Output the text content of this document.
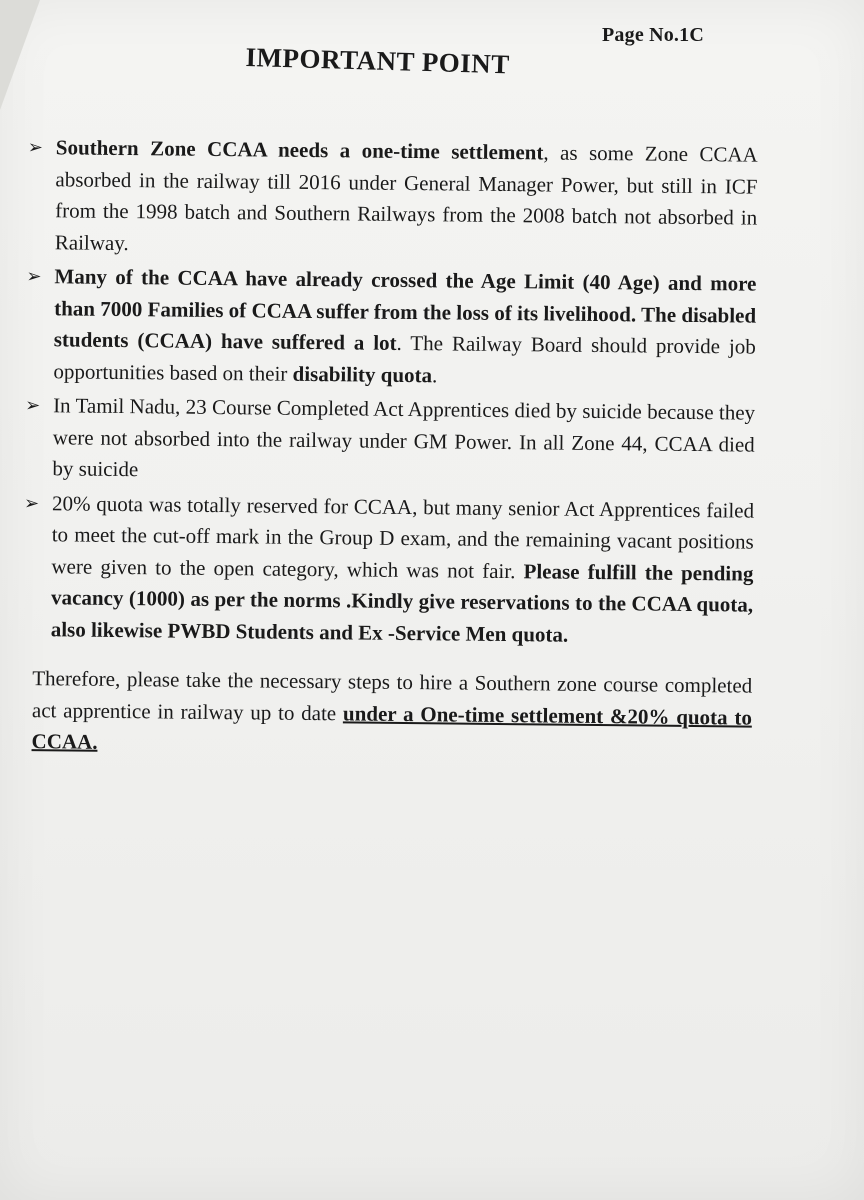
Page No.1C
IMPORTANT POINT
➢ Southern Zone CCAA needs a one-time settlement, as some Zone CCAA absorbed in the railway till 2016 under General Manager Power, but still in ICF from the 1998 batch and Southern Railways from the 2008 batch not absorbed in Railway.
➢ Many of the CCAA have already crossed the Age Limit (40 Age) and more than 7000 Families of CCAA suffer from the loss of its livelihood. The disabled students (CCAA) have suffered a lot. The Railway Board should provide job opportunities based on their disability quota.
➢ In Tamil Nadu, 23 Course Completed Act Apprentices died by suicide because they were not absorbed into the railway under GM Power. In all Zone 44, CCAA died by suicide
➢ 20% quota was totally reserved for CCAA, but many senior Act Apprentices failed to meet the cut-off mark in the Group D exam, and the remaining vacant positions were given to the open category, which was not fair. Please fulfill the pending vacancy (1000) as per the norms .Kindly give reservations to the CCAA quota, also likewise PWBD Students and Ex -Service Men quota.
Therefore, please take the necessary steps to hire a Southern zone course completed act apprentice in railway up to date under a One-time settlement &20% quota to CCAA.
